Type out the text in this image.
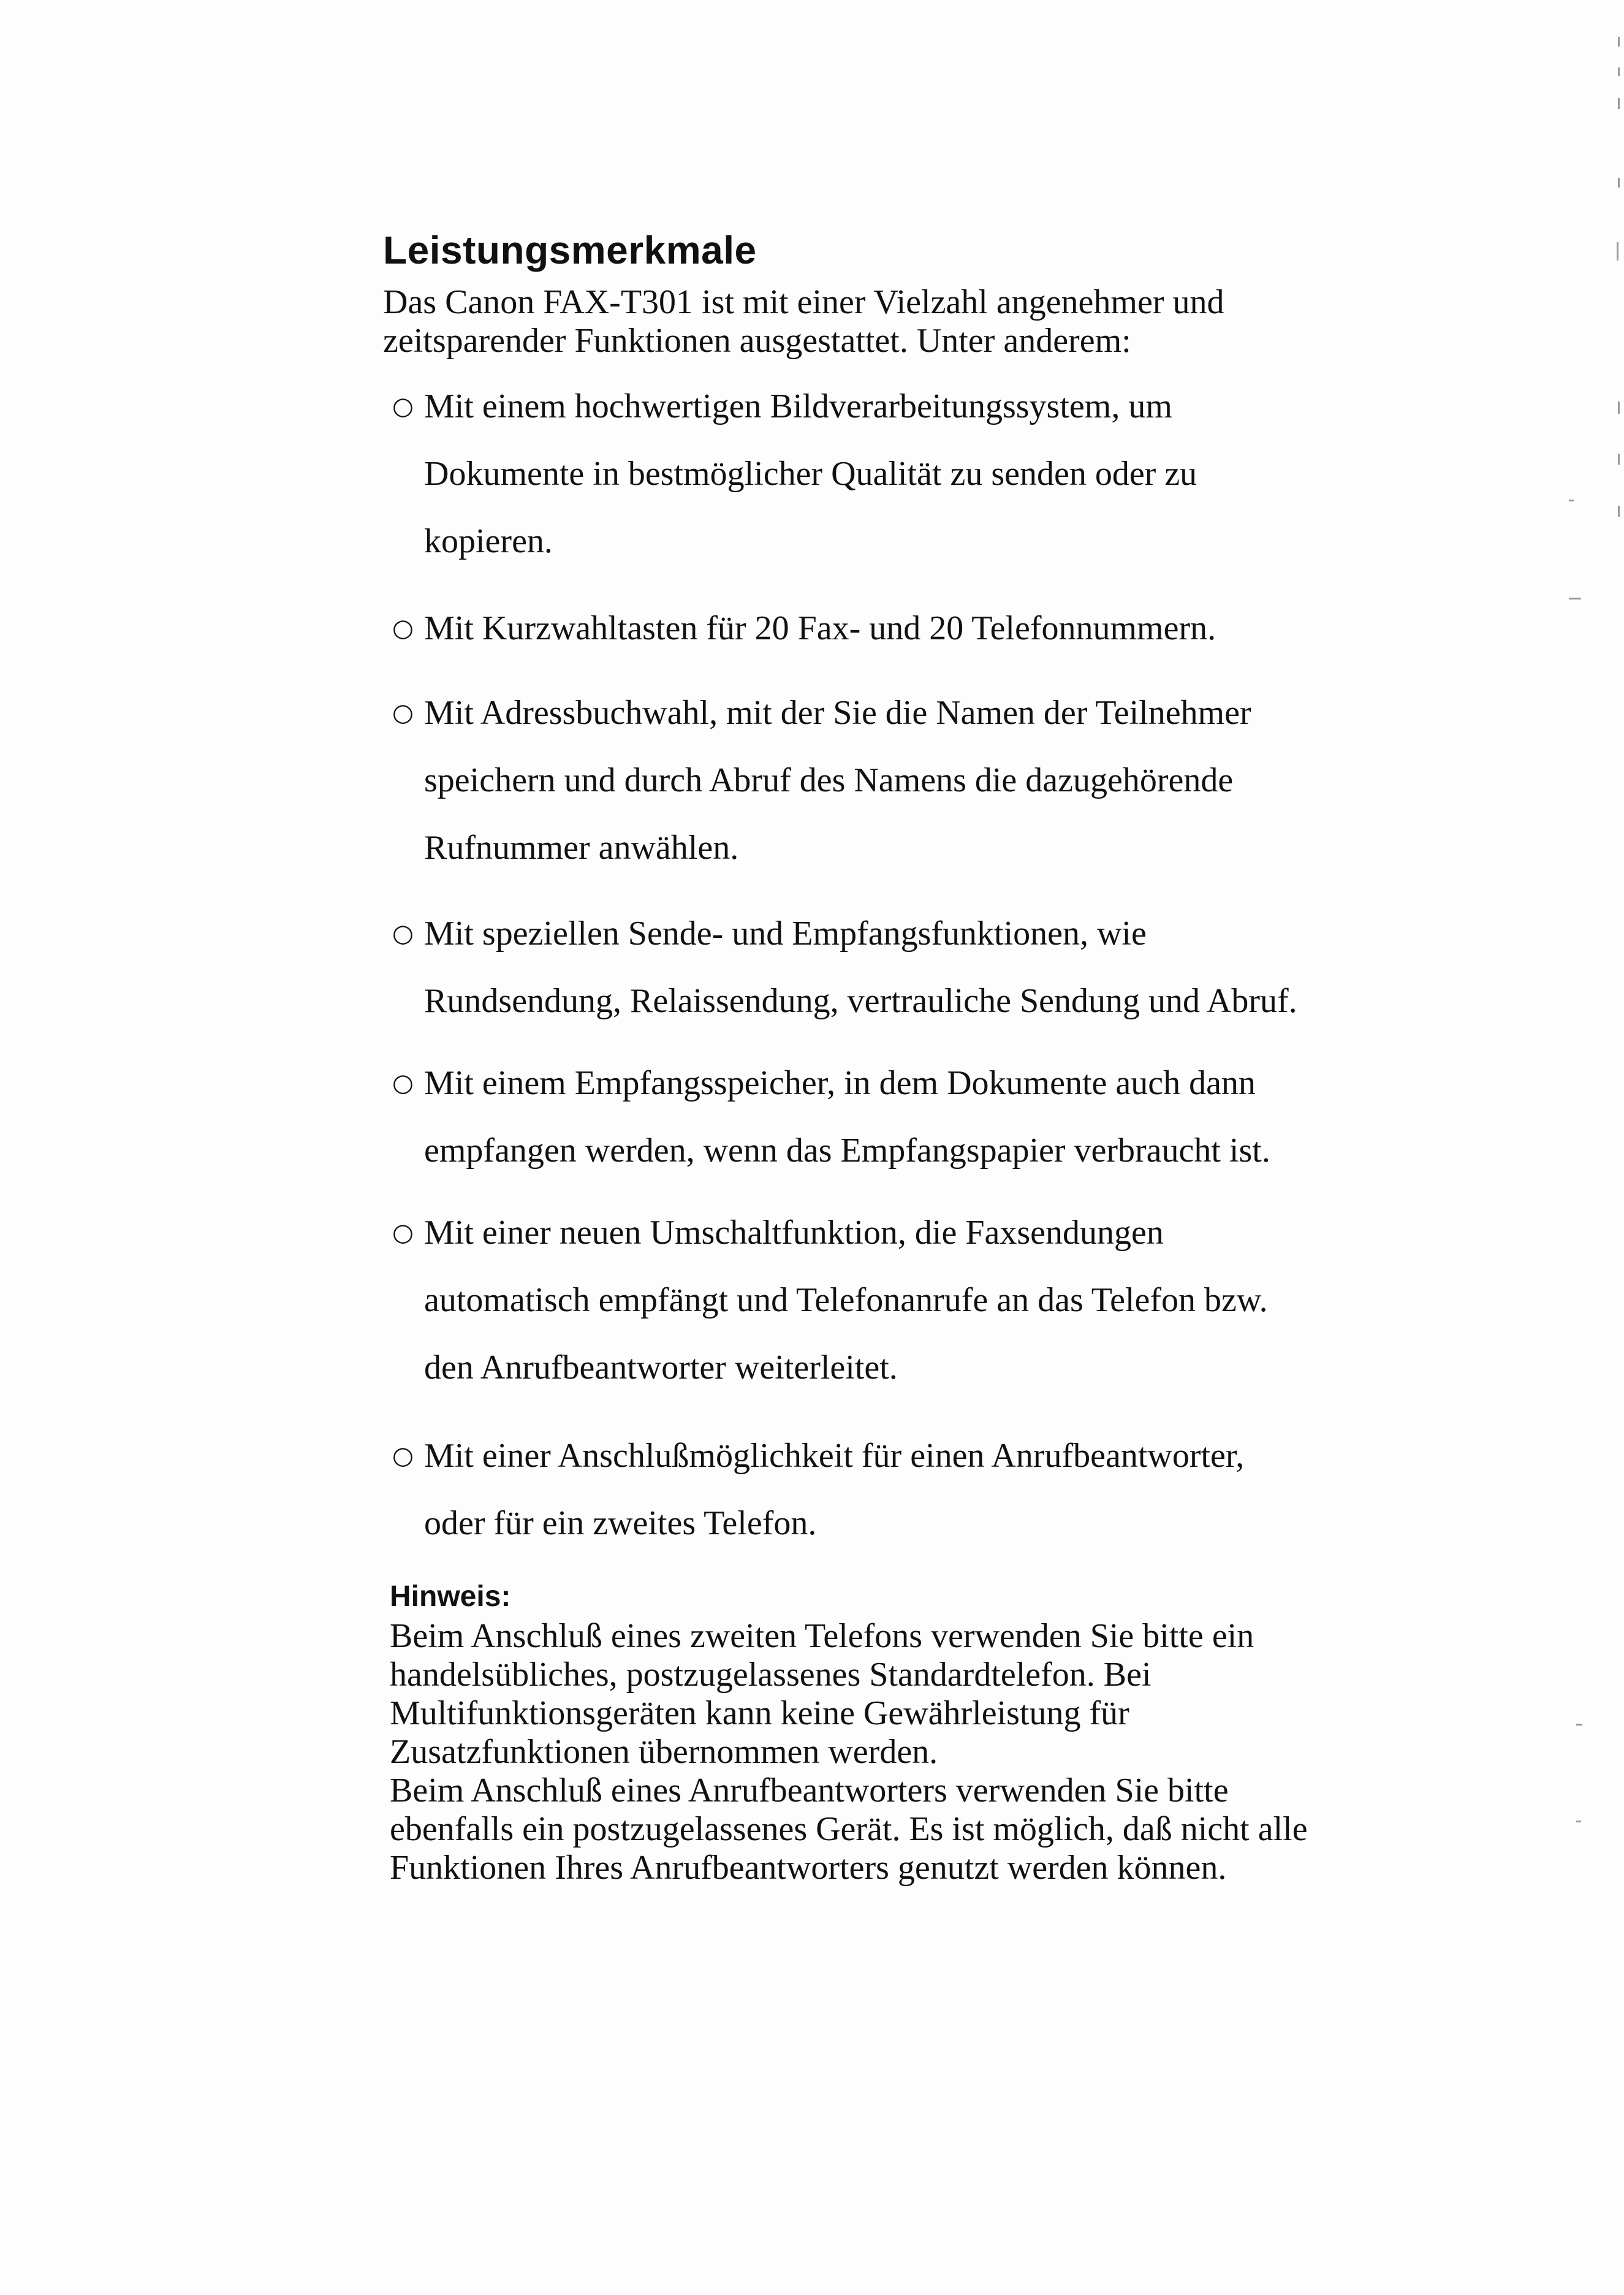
Leistungsmerkmale

Das Canon FAX-T301 ist mit einer Vielzahl angenehmer und
zeitsparender Funktionen ausgestattet. Unter anderem:

○ Mit einem hochwertigen Bildverarbeitungssystem, um
Dokumente in bestmöglicher Qualität zu senden oder zu
kopieren.
○ Mit Kurzwahltasten für 20 Fax- und 20 Telefonnummern.
○ Mit Adressbuchwahl, mit der Sie die Namen der Teilnehmer
speichern und durch Abruf des Namens die dazugehörende
Rufnummer anwählen.
○ Mit speziellen Sende- und Empfangsfunktionen, wie
Rundsendung, Relaissendung, vertrauliche Sendung und Abruf.
○ Mit einem Empfangsspeicher, in dem Dokumente auch dann
empfangen werden, wenn das Empfangspapier verbraucht ist.
○ Mit einer neuen Umschaltfunktion, die Faxsendungen
automatisch empfängt und Telefonanrufe an das Telefon bzw.
den Anrufbeantworter weiterleitet.
○ Mit einer Anschlußmöglichkeit für einen Anrufbeantworter,
oder für ein zweites Telefon.
Hinweis:

Beim Anschluß eines zweiten Telefons verwenden Sie bitte ein
handelsübliches, postzugelassenes Standardtelefon. Bei
Multifunktionsgeräten kann keine Gewährleistung für
Zusatzfunktionen übernommen werden.
Beim Anschluß eines Anrufbeantworters verwenden Sie bitte
ebenfalls ein postzugelassenes Gerät. Es ist möglich, daß nicht alle
Funktionen Ihres Anrufbeantworters genutzt werden können.
